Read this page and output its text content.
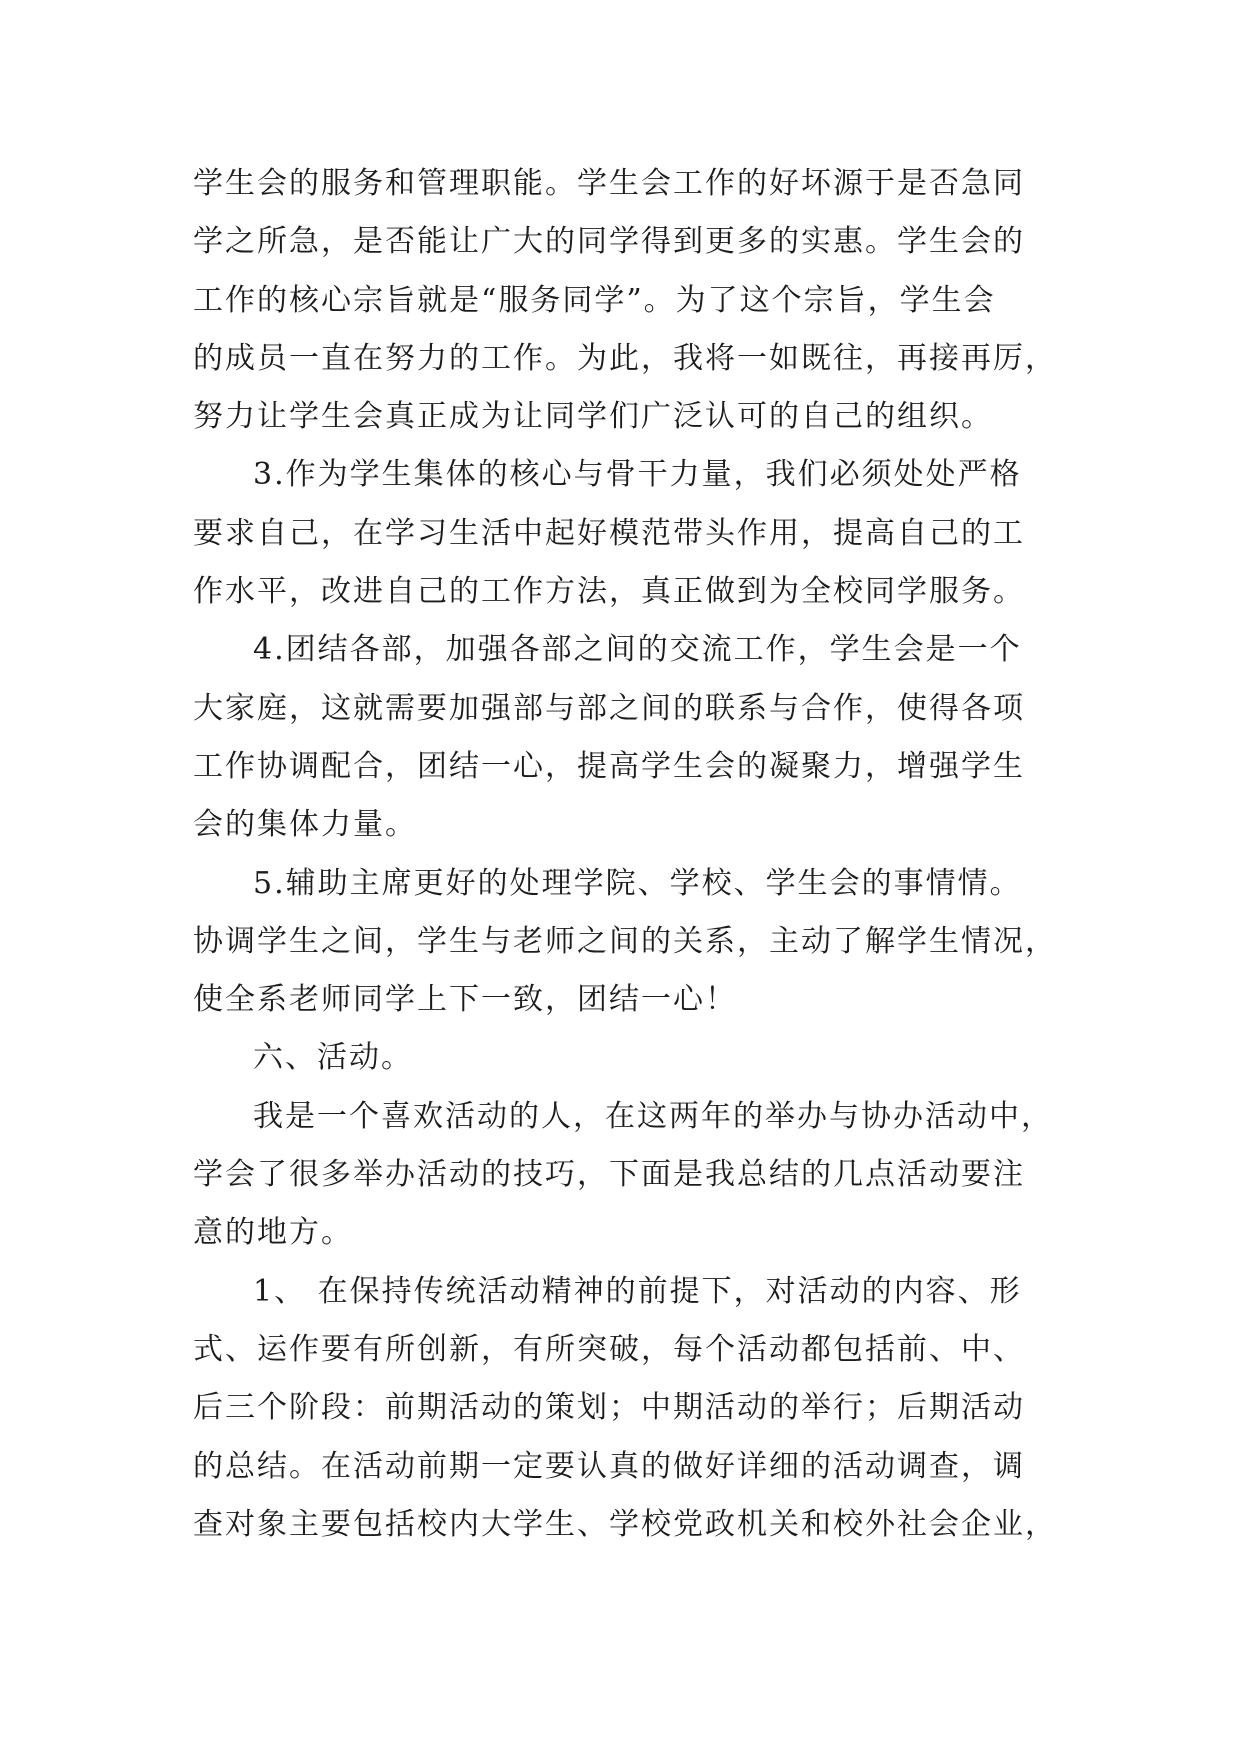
学生会的服务和管理职能。学生会工作的好坏源于是否急同
学之所急，是否能让广大的同学得到更多的实惠。学生会的
工作的核心宗旨就是“服务同学”。为了这个宗旨，学生会
的成员一直在努力的工作。为此，我将一如既往，再接再厉，
努力让学生会真正成为让同学们广泛认可的自己的组织。
3.作为学生集体的核心与骨干力量，我们必须处处严格
要求自己，在学习生活中起好模范带头作用，提高自己的工
作水平，改进自己的工作方法，真正做到为全校同学服务。
4.团结各部，加强各部之间的交流工作，学生会是一个
大家庭，这就需要加强部与部之间的联系与合作，使得各项
工作协调配合，团结一心，提高学生会的凝聚力，增强学生
会的集体力量。
5.辅助主席更好的处理学院、学校、学生会的事情情。
协调学生之间，学生与老师之间的关系，主动了解学生情况，
使全系老师同学上下一致，团结一心！
六、活动。
我是一个喜欢活动的人，在这两年的举办与协办活动中，
学会了很多举办活动的技巧，下面是我总结的几点活动要注
意的地方。
1、 在保持传统活动精神的前提下，对活动的内容、形
式、运作要有所创新，有所突破，每个活动都包括前、中、
后三个阶段：前期活动的策划；中期活动的举行；后期活动
的总结。在活动前期一定要认真的做好详细的活动调查，调
查对象主要包括校内大学生、学校党政机关和校外社会企业，
